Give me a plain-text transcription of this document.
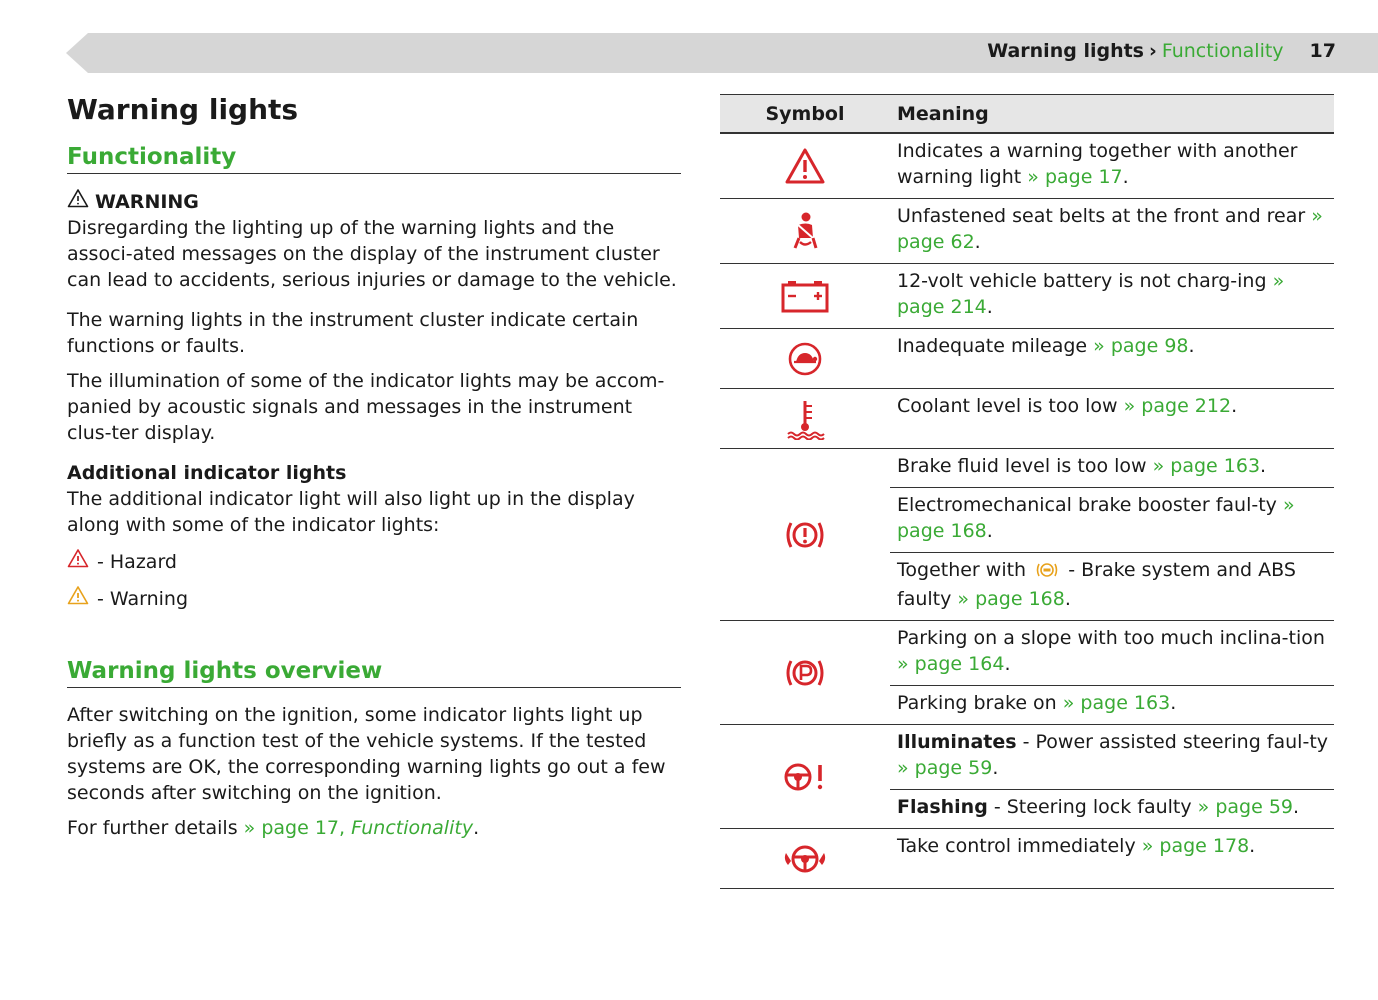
Warning lights › Functionality 17
Warning lights
Functionality
WARNING

Disregarding the lighting up of the warning lights and the associ-ated messages on the display of the instrument cluster can lead to accidents, serious injuries or damage to the vehicle.

The warning lights in the instrument cluster indicate certain functions or faults.

The illumination of some of the indicator lights may be accom-panied by acoustic signals and messages in the instrument clus-ter display.

Additional indicator lights

The additional indicator light will also light up in the display along with some of the indicator lights:

- Hazard
- Warning
Warning lights overview

After switching on the ignition, some indicator lights light up briefly as a function test of the vehicle systems. If the tested systems are OK, the corresponding warning lights go out a few seconds after switching on the ignition.

For further details » page 17, Functionality.

Symbol	Meaning

	Indicates a warning together with another warning light » page 17.

	Unfastened seat belts at the front and rear » page 62.

	12-volt vehicle battery is not charg-ing » page 214.

	Inadequate mileage » page 98.

	Coolant level is too low » page 212.

	Brake fluid level is too low » page 163.
	Electromechanical brake booster faul-ty » page 168.
	Together with - Brake system and ABS faulty » page 168.

	Parking on a slope with too much inclina-tion » page 164.
	Parking brake on » page 163.

	Illuminates - Power assisted steering faul-ty » page 59.
	Flashing - Steering lock faulty » page 59.

	Take control immediately » page 178.
